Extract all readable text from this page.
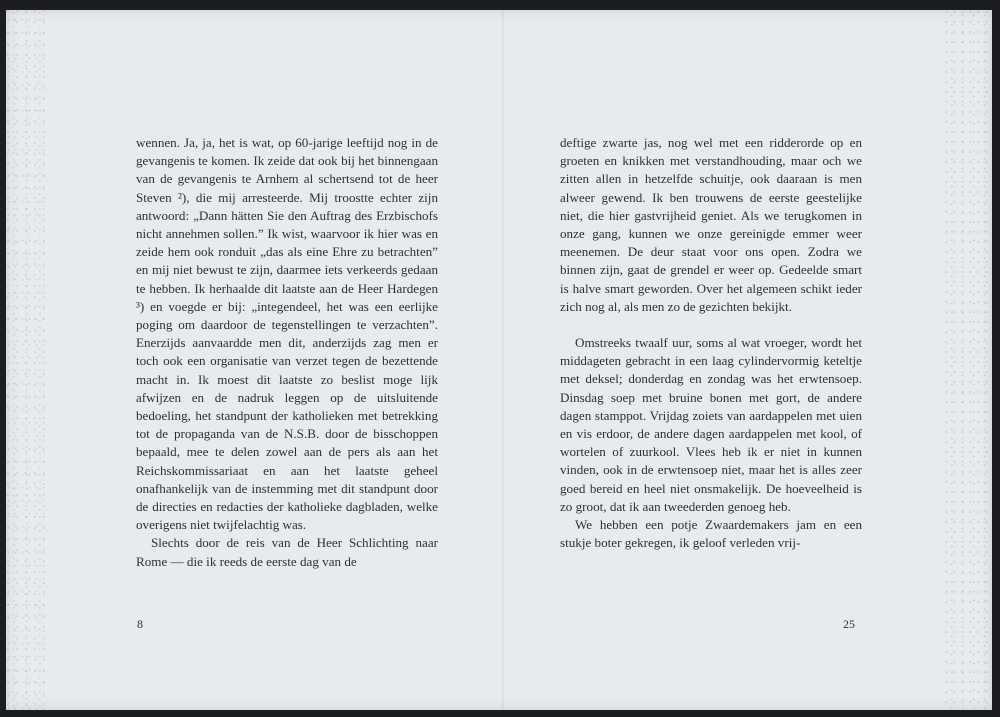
wennen. Ja, ja, het is wat, op 60-jarige leeftijd nog in de gevangenis te komen. Ik zeide dat ook bij het binnengaan van de gevangenis te Arnhem al schertsend tot de heer Steven ²), die mij arresteerde. Mij troostte echter zijn antwoord: „Dann hätten Sie den Auftrag des Erzbischofs nicht annehmen sollen.” Ik wist, waarvoor ik hier was en zeide hem ook ronduit „das als eine Ehre zu betrachten” en mij niet bewust te zijn, daarmee iets verkeerds gedaan te hebben. Ik herhaalde dit laatste aan de Heer Hardegen ³) en voegde er bij: „integendeel, het was een eerlijke poging om daardoor de tegenstellingen te verzachten”. Enerzijds aanvaardde men dit, anderzijds zag men er toch ook een organisatie van verzet tegen de bezettende macht in. Ik moest dit laatste zo beslist moge lijk afwijzen en de nadruk leggen op de uitsluitende bedoeling, het standpunt der katholieken met betrekking tot de propaganda van de N.S.B. door de bisschoppen bepaald, mee te delen zowel aan de pers als aan het Reichskommissariaat en aan het laatste geheel onafhankelijk van de instemming met dit standpunt door de directies en redacties der katholieke dagbladen, welke overigens niet twijfelachtig was.

Slechts door de reis van de Heer Schlichting naar Rome — die ik reeds de eerste dag van de

deftige zwarte jas, nog wel met een ridderorde op en groeten en knikken met verstandhouding, maar och we zitten allen in hetzelfde schuitje, ook daaraan is men alweer gewend. Ik ben trouwens de eerste geestelijke niet, die hier gastvrijheid geniet. Als we terugkomen in onze gang, kunnen we onze gereinigde emmer weer meenemen. De deur staat voor ons open. Zodra we binnen zijn, gaat de grendel er weer op. Gedeelde smart is halve smart geworden. Over het algemeen schikt ieder zich nog al, als men zo de gezichten bekijkt.

Omstreeks twaalf uur, soms al wat vroeger, wordt het middageten gebracht in een laag cylindervormig keteltje met deksel; donderdag en zondag was het erwtensoep. Dinsdag soep met bruine bonen met gort, de andere dagen stamppot. Vrijdag zoiets van aardappelen met uien en vis erdoor, de andere dagen aardappelen met kool, of wortelen of zuurkool. Vlees heb ik er niet in kunnen vinden, ook in de erwtensoep niet, maar het is alles zeer goed bereid en heel niet onsmakelijk. De hoeveelheid is zo groot, dat ik aan tweederden genoeg heb.

We hebben een potje Zwaardemakers jam en een stukje boter gekregen, ik geloof verleden vrij-

8	25
